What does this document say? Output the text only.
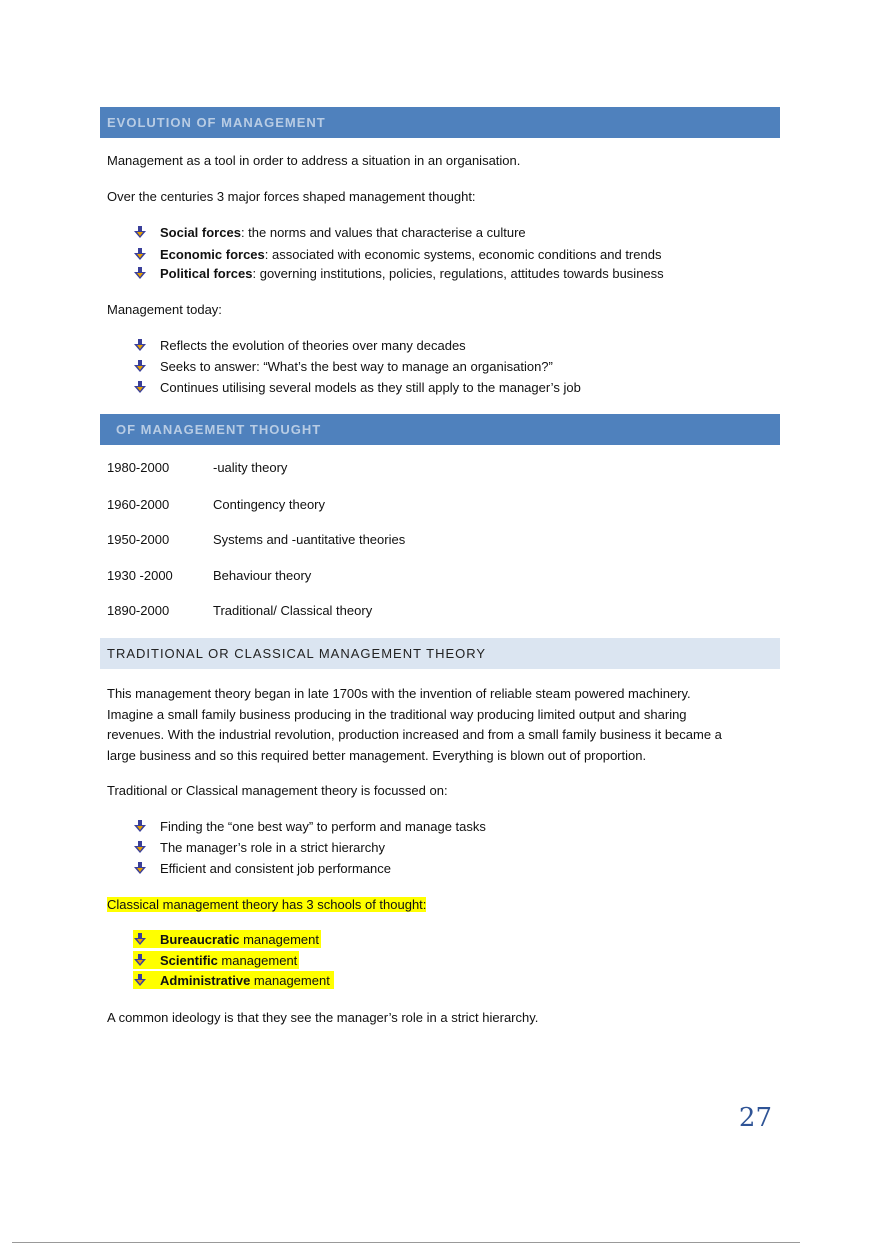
EVOLUTION OF MANAGEMENT
Management as a tool in order to address a situation in an organisation.
Over the centuries 3 major forces shaped management thought:
Social forces: the norms and values that characterise a culture
Economic forces: associated with economic systems, economic conditions and trends
Political forces: governing institutions, policies, regulations, attitudes towards business
Management today:
Reflects the evolution of theories over many decades
Seeks to answer: “What’s the best way to manage an organisation?”
Continues utilising several models as they still apply to the manager’s job
OF MANAGEMENT THOUGHT
1980-2000	-uality theory
1960-2000	Contingency theory
1950-2000	Systems and -uantitative theories
1930 -2000	Behaviour theory
1890-2000	Traditional/ Classical theory
TRADITIONAL OR CLASSICAL MANAGEMENT THEORY
This management theory began in late 1700s with the invention of reliable steam powered machinery.
Imagine a small family business producing in the traditional way producing limited output and sharing
revenues. With the industrial revolution, production increased and from a small family business it became a
large business and so this required better management. Everything is blown out of proportion.
Traditional or Classical management theory is focussed on:
Finding the “one best way” to perform and manage tasks
The manager’s role in a strict hierarchy
Efficient and consistent job performance
Classical management theory has 3 schools of thought:
Bureaucratic management
Scientific management
Administrative management
A common ideology is that they see the manager’s role in a strict hierarchy.
27
